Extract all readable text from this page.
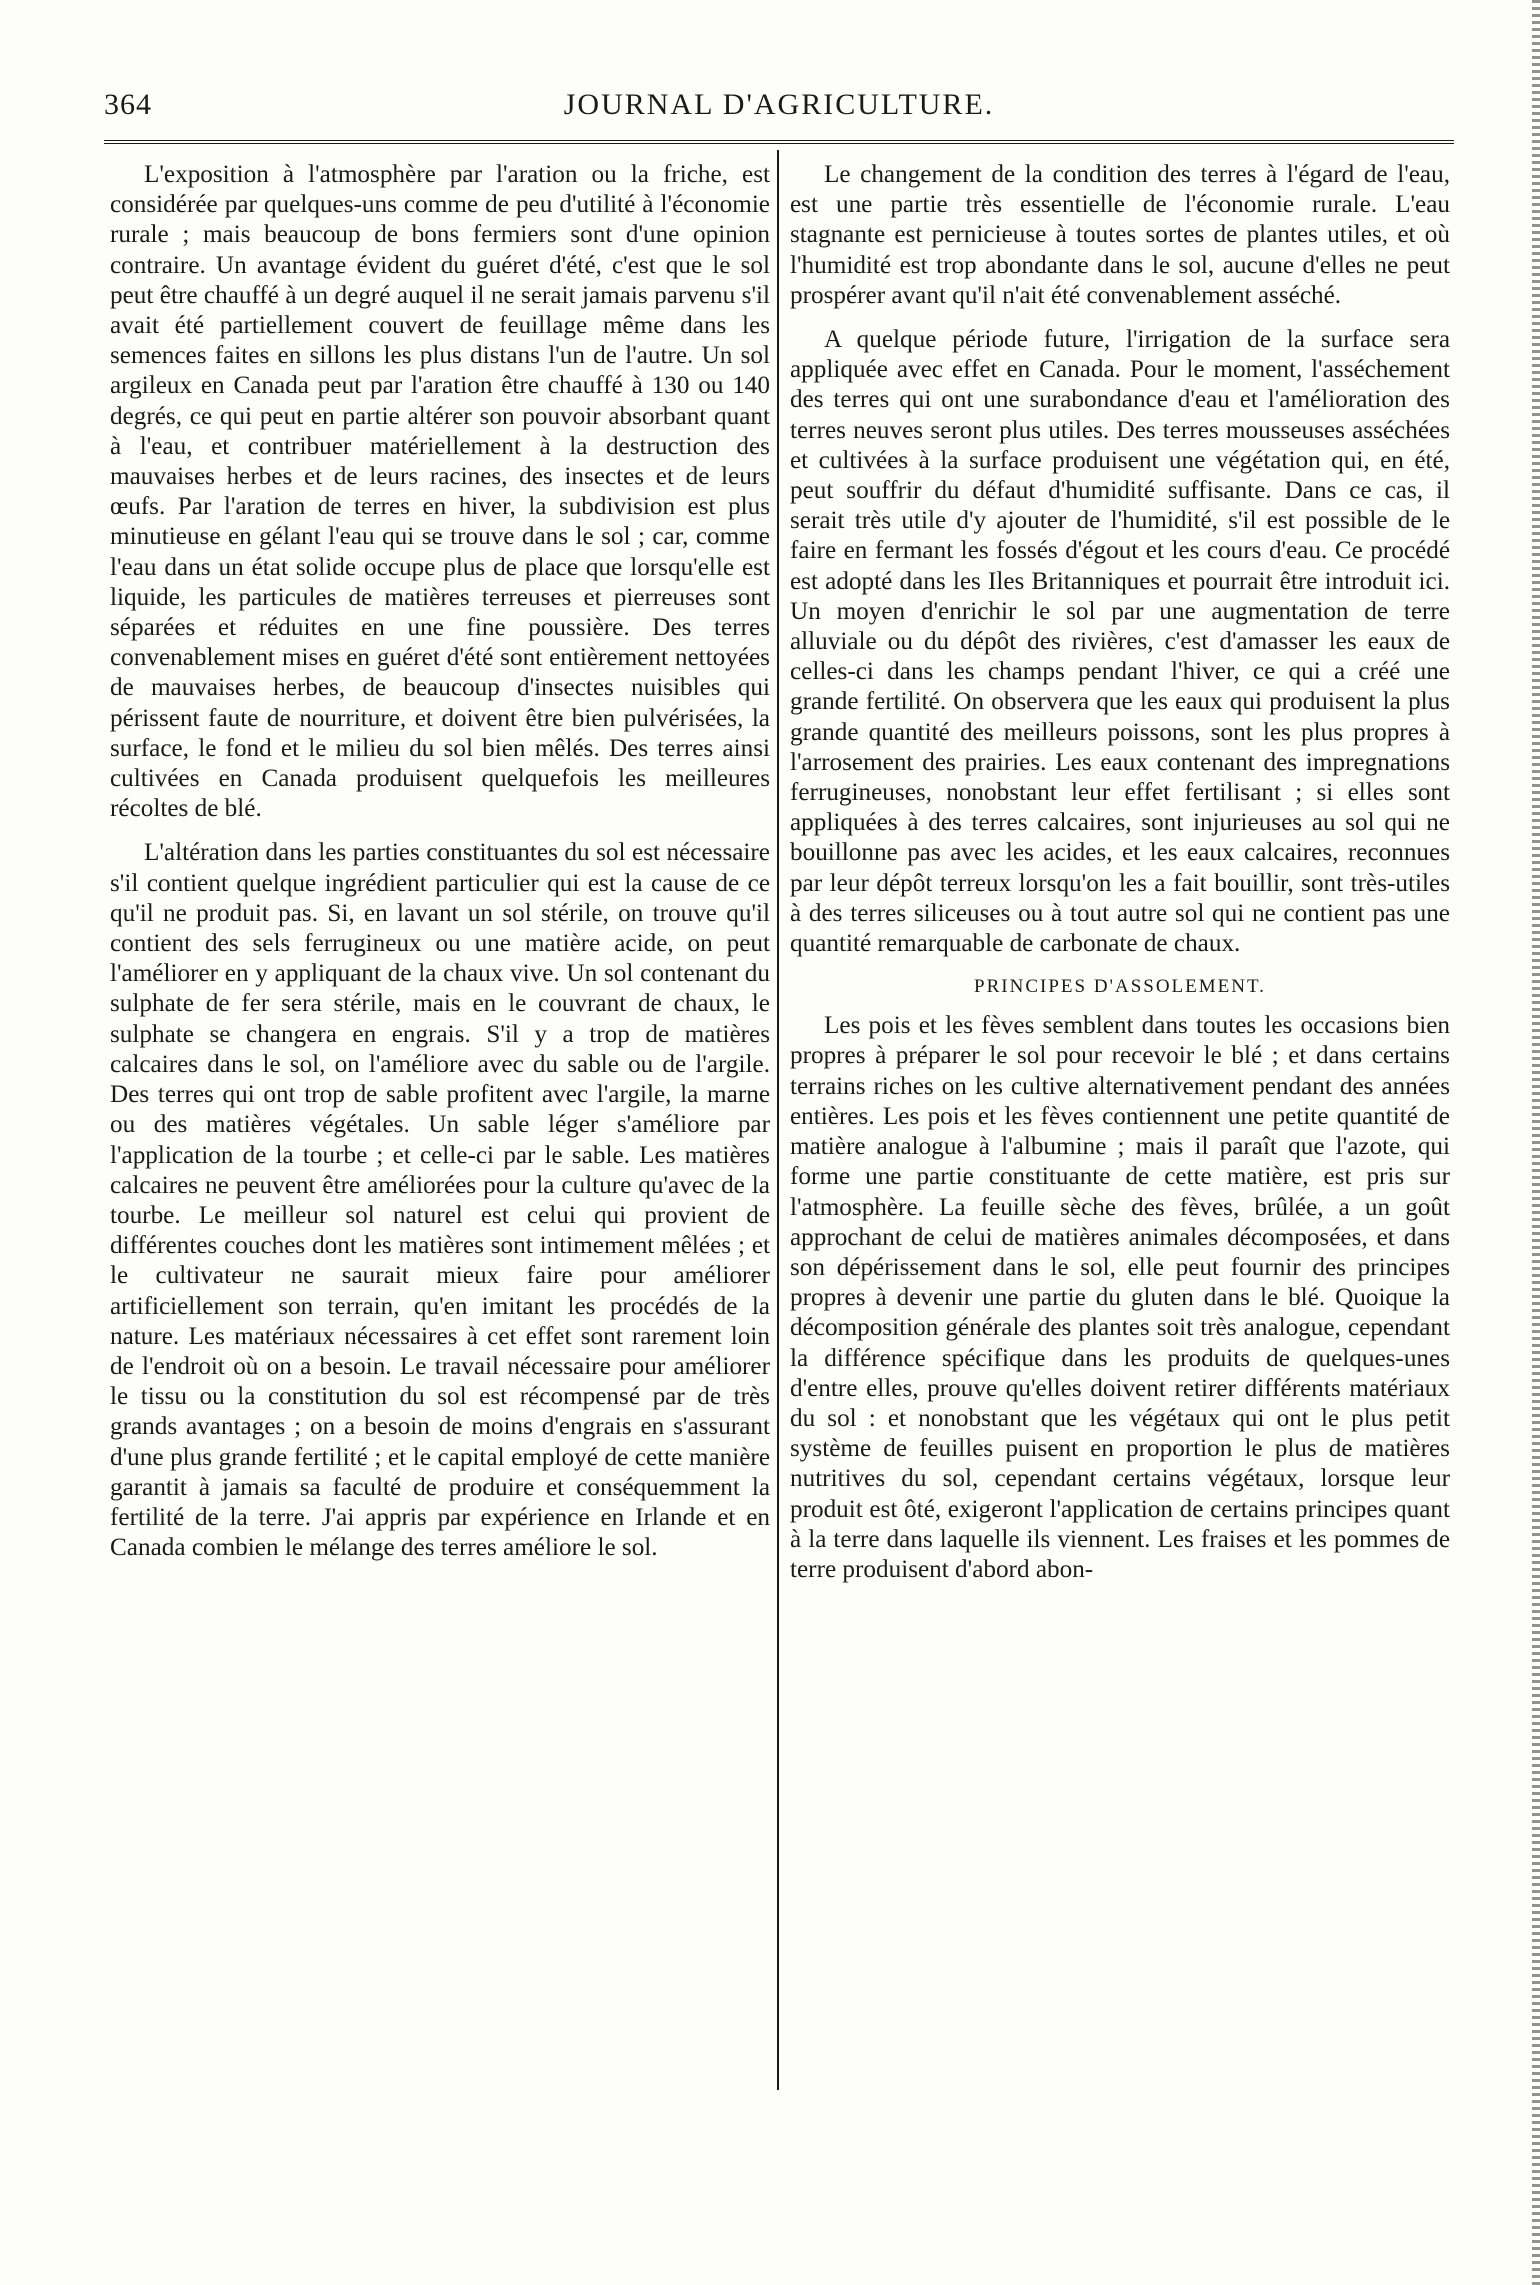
364	JOURNAL D'AGRICULTURE.

L'exposition à l'atmosphère par l'aration ou la friche, est considérée par quelques-uns comme de peu d'utilité à l'économie rurale ; mais beaucoup de bons fermiers sont d'une opinion contraire. Un avantage évident du guéret d'été, c'est que le sol peut être chauffé à un degré auquel il ne serait jamais parvenu s'il avait été partiellement couvert de feuillage même dans les semences faites en sillons les plus distans l'un de l'autre. Un sol argileux en Canada peut par l'aration être chauffé à 130 ou 140 degrés, ce qui peut en partie altérer son pouvoir absorbant quant à l'eau, et contribuer matériellement à la destruction des mauvaises herbes et de leurs racines, des insectes et de leurs œufs. Par l'aration de terres en hiver, la subdivision est plus minutieuse en gélant l'eau qui se trouve dans le sol ; car, comme l'eau dans un état solide occupe plus de place que lorsqu'elle est liquide, les particules de matières terreuses et pierreuses sont séparées et réduites en une fine poussière. Des terres convenablement mises en guéret d'été sont entièrement nettoyées de mauvaises herbes, de beaucoup d'insectes nuisibles qui périssent faute de nourriture, et doivent être bien pulvérisées, la surface, le fond et le milieu du sol bien mêlés. Des terres ainsi cultivées en Canada produisent quelquefois les meilleures récoltes de blé.

L'altération dans les parties constituantes du sol est nécessaire s'il contient quelque ingrédient particulier qui est la cause de ce qu'il ne produit pas. Si, en lavant un sol stérile, on trouve qu'il contient des sels ferrugineux ou une matière acide, on peut l'améliorer en y appliquant de la chaux vive. Un sol contenant du sulphate de fer sera stérile, mais en le couvrant de chaux, le sulphate se changera en engrais. S'il y a trop de matières calcaires dans le sol, on l'améliore avec du sable ou de l'argile. Des terres qui ont trop de sable profitent avec l'argile, la marne ou des matières végétales. Un sable léger s'améliore par l'application de la tourbe ; et celle-ci par le sable. Les matières calcaires ne peuvent être améliorées pour la culture qu'avec de la tourbe. Le meilleur sol naturel est celui qui provient de différentes couches dont les matières sont intimement mêlées ; et le cultivateur ne saurait mieux faire pour améliorer artificiellement son terrain, qu'en imitant les procédés de la nature. Les matériaux nécessaires à cet effet sont rarement loin de l'endroit où on a besoin. Le travail nécessaire pour améliorer le tissu ou la constitution du sol est récompensé par de très grands avantages ; on a besoin de moins d'engrais en s'assurant d'une plus grande fertilité ; et le capital employé de cette manière garantit à jamais sa faculté de produire et conséquemment la fertilité de la terre. J'ai appris par expérience en Irlande et en Canada combien le mélange des terres améliore le sol.

Le changement de la condition des terres à l'égard de l'eau, est une partie très essentielle de l'économie rurale. L'eau stagnante est pernicieuse à toutes sortes de plantes utiles, et où l'humidité est trop abondante dans le sol, aucune d'elles ne peut prospérer avant qu'il n'ait été convenablement asséché.

A quelque période future, l'irrigation de la surface sera appliquée avec effet en Canada. Pour le moment, l'asséchement des terres qui ont une surabondance d'eau et l'amélioration des terres neuves seront plus utiles. Des terres mousseuses asséchées et cultivées à la surface produisent une végétation qui, en été, peut souffrir du défaut d'humidité suffisante. Dans ce cas, il serait très utile d'y ajouter de l'humidité, s'il est possible de le faire en fermant les fossés d'égout et les cours d'eau. Ce procédé est adopté dans les Iles Britanniques et pourrait être introduit ici. Un moyen d'enrichir le sol par une augmentation de terre alluviale ou du dépôt des rivières, c'est d'amasser les eaux de celles-ci dans les champs pendant l'hiver, ce qui a créé une grande fertilité. On observera que les eaux qui produisent la plus grande quantité des meilleurs poissons, sont les plus propres à l'arrosement des prairies. Les eaux contenant des impregnations ferrugineuses, nonobstant leur effet fertilisant ; si elles sont appliquées à des terres calcaires, sont injurieuses au sol qui ne bouillonne pas avec les acides, et les eaux calcaires, reconnues par leur dépôt terreux lorsqu'on les a fait bouillir, sont très-utiles à des terres siliceuses ou à tout autre sol qui ne contient pas une quantité remarquable de carbonate de chaux.

PRINCIPES D'ASSOLEMENT.

Les pois et les fèves semblent dans toutes les occasions bien propres à préparer le sol pour recevoir le blé ; et dans certains terrains riches on les cultive alternativement pendant des années entières. Les pois et les fèves contiennent une petite quantité de matière analogue à l'albumine ; mais il paraît que l'azote, qui forme une partie constituante de cette matière, est pris sur l'atmosphère. La feuille sèche des fèves, brûlée, a un goût approchant de celui de matières animales décomposées, et dans son dépérissement dans le sol, elle peut fournir des principes propres à devenir une partie du gluten dans le blé. Quoique la décomposition générale des plantes soit très analogue, cependant la différence spécifique dans les produits de quelques-unes d'entre elles, prouve qu'elles doivent retirer différents matériaux du sol : et nonobstant que les végétaux qui ont le plus petit système de feuilles puisent en proportion le plus de matières nutritives du sol, cependant certains végétaux, lorsque leur produit est ôté, exigeront l'application de certains principes quant à la terre dans laquelle ils viennent. Les fraises et les pommes de terre produisent d'abord abon-
